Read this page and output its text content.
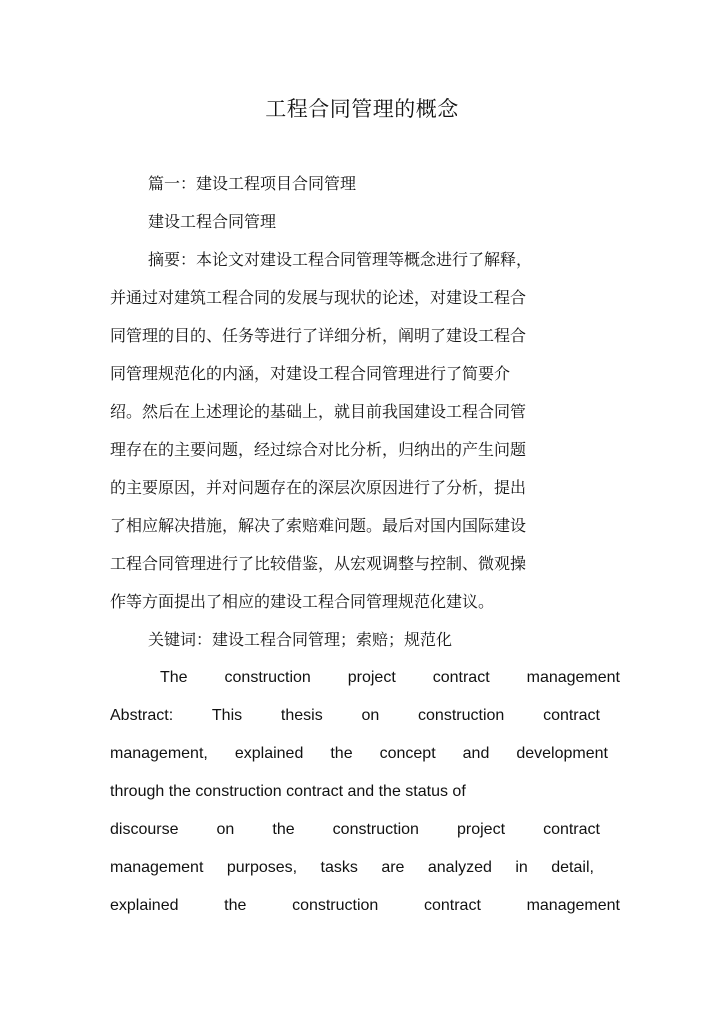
工程合同管理的概念
篇一：建设工程项目合同管理
建设工程合同管理
摘要：本论文对建设工程合同管理等概念进行了解释，
并通过对建筑工程合同的发展与现状的论述，对建设工程合
同管理的目的、任务等进行了详细分析，阐明了建设工程合
同管理规范化的内涵，对建设工程合同管理进行了简要介
绍。然后在上述理论的基础上，就目前我国建设工程合同管
理存在的主要问题，经过综合对比分析，归纳出的产生问题
的主要原因，并对问题存在的深层次原因进行了分析，提出
了相应解决措施，解决了索赔难问题。最后对国内国际建设
工程合同管理进行了比较借鉴，从宏观调整与控制、微观操
作等方面提出了相应的建设工程合同管理规范化建议。
关键词：建设工程合同管理；索赔；规范化
The construction project contract management
Abstract: This thesis on construction contract
management, explained the concept and development
through the construction contract and the status of
discourse on the construction project contract
management purposes, tasks are analyzed in detail,
explained	the	construction	contract	management
